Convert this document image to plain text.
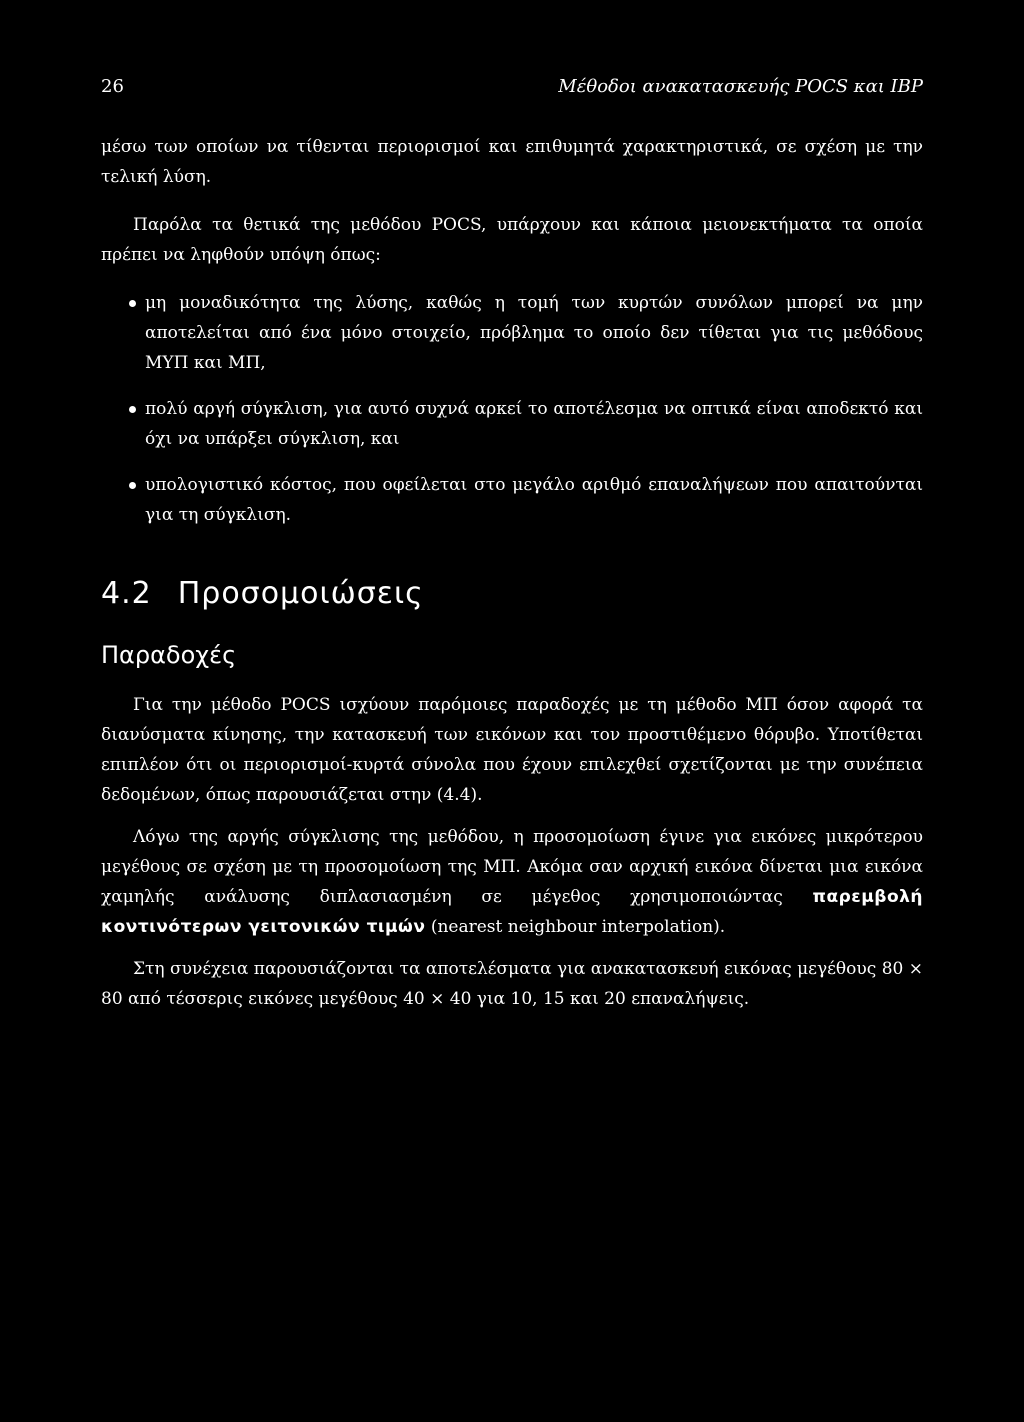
26	Μέθοδοι ανακατασκευής POCS και IBP

μέσω των οποίων να τίθενται περιορισμοί και επιθυμητά χαρακτηριστικά, σε σχέση με την τελική λύση.

Παρόλα τα θετικά της μεθόδου POCS, υπάρχουν και κάποια μειονεκτήματα τα οποία πρέπει να ληφθούν υπόψη όπως:

μη μοναδικότητα της λύσης, καθώς η τομή των κυρτών συνόλων μπορεί να μην αποτελείται από ένα μόνο στοιχείο, πρόβλημα το οποίο δεν τίθεται για τις μεθόδους ΜΥΠ και ΜΠ,
πολύ αργή σύγκλιση, για αυτό συχνά αρκεί το αποτέλεσμα να οπτικά είναι αποδεκτό και όχι να υπάρξει σύγκλιση, και
υπολογιστικό κόστος, που οφείλεται στο μεγάλο αριθμό επαναλήψεων που απαιτούνται για τη σύγκλιση.
4.2 Προσομοιώσεις
Παραδοχές

Για την μέθοδο POCS ισχύουν παρόμοιες παραδοχές με τη μέθοδο ΜΠ όσον αφορά τα διανύσματα κίνησης, την κατασκευή των εικόνων και τον προστιθέμενο θόρυβο. Υποτίθεται επιπλέον ότι οι περιορισμοί-κυρτά σύνολα που έχουν επιλεχθεί σχετίζονται με την συνέπεια δεδομένων, όπως παρουσιάζεται στην (4.4).

Λόγω της αργής σύγκλισης της μεθόδου, η προσομοίωση έγινε για εικόνες μικρότερου μεγέθους σε σχέση με τη προσομοίωση της ΜΠ. Ακόμα σαν αρχική εικόνα δίνεται μια εικόνα χαμηλής ανάλυσης διπλασιασμένη σε μέγεθος χρησιμοποιώντας παρεμβολή κοντινότερων γειτονικών τιμών (nearest neighbour interpolation).

Στη συνέχεια παρουσιάζονται τα αποτελέσματα για ανακατασκευή εικόνας μεγέθους 80 × 80 από τέσσερις εικόνες μεγέθους 40 × 40 για 10, 15 και 20 επαναλήψεις.
